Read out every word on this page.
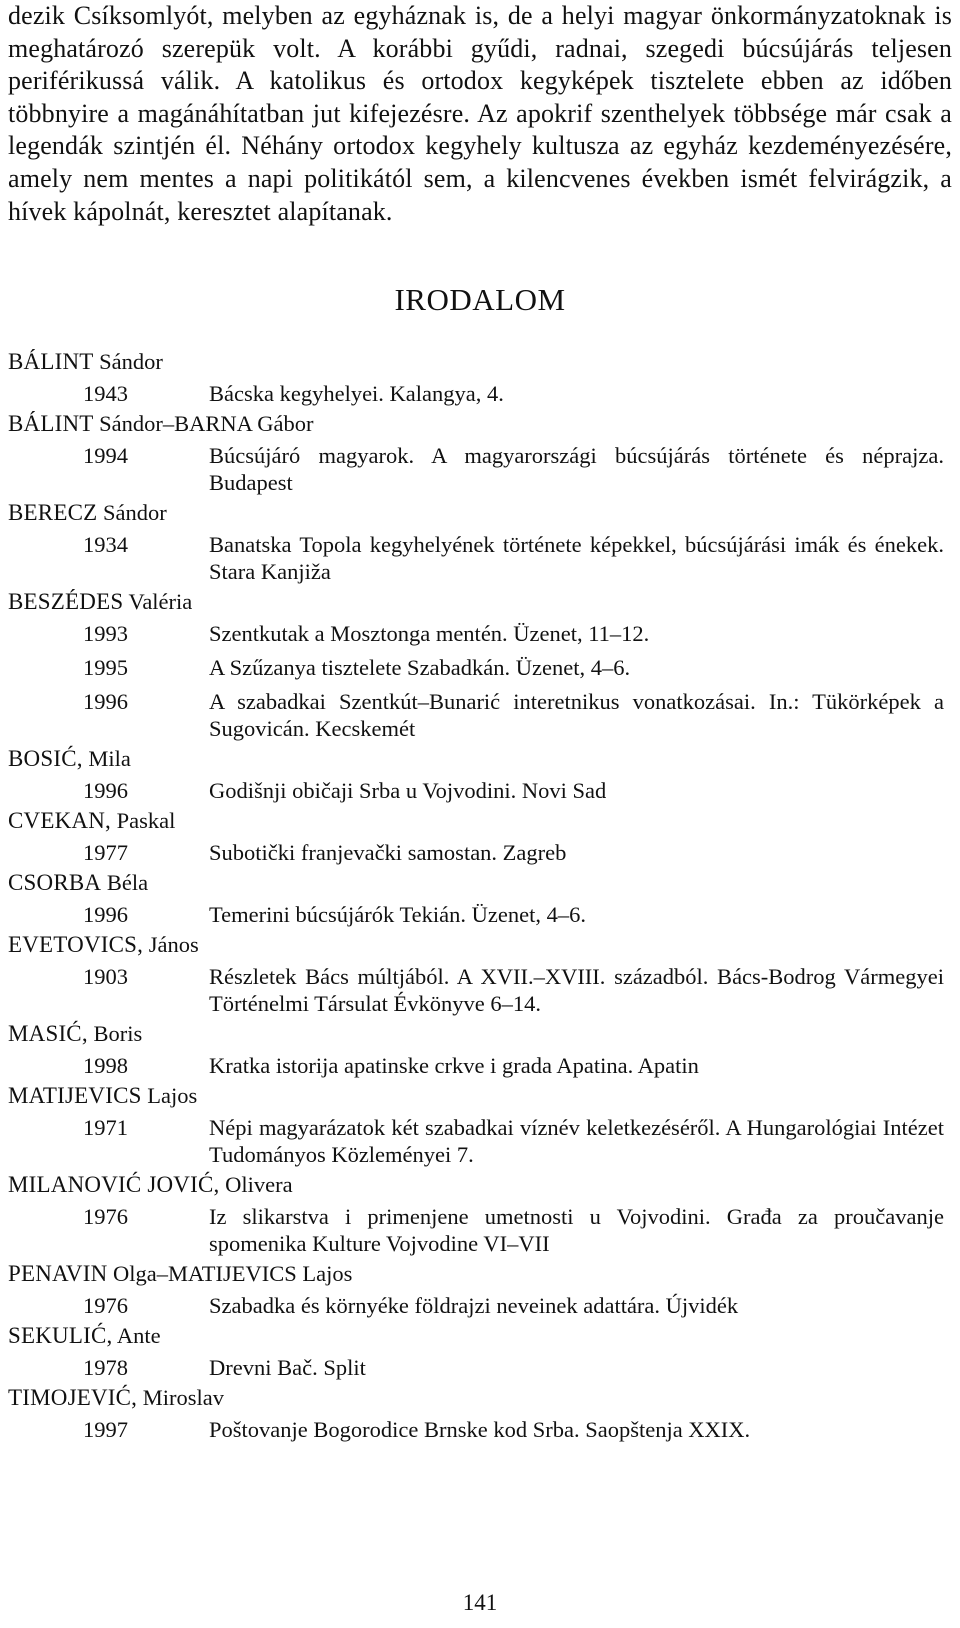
dezik Csíksomlyót, melyben az egyháznak is, de a helyi magyar önkormányzatoknak is meghatározó szerepük volt. A korábbi gyűdi, radnai, szegedi búcsújárás teljesen periférikussá válik. A katolikus és ortodox kegyképek tisztelete ebben az időben többnyire a magánáhítatban jut kifejezésre. Az apokrif szenthelyek többsége már csak a legendák szintjén él. Néhány ortodox kegyhely kultusza az egyház kezdeményezésére, amely nem mentes a napi politikától sem, a kilencvenes években ismét felvirágzik, a hívek kápolnát, keresztet alapítanak.

IRODALOM
BÁLINT Sándor
1943	Bácska kegyhelyei. Kalangya, 4.
BÁLINT Sándor–BARNA Gábor
1994	Búcsújáró magyarok. A magyarországi búcsújárás története és néprajza. Budapest
BERECZ Sándor
1934	Banatska Topola kegyhelyének története képekkel, búcsújárási imák és énekek. Stara Kanjiža
BESZÉDES Valéria
1993	Szentkutak a Mosztonga mentén. Üzenet, 11–12.
1995	A Szűzanya tisztelete Szabadkán. Üzenet, 4–6.
1996	A szabadkai Szentkút–Bunarić interetnikus vonatkozásai. In.: Tükörképek a Sugovicán. Kecskemét
BOSIĆ, Mila
1996	Godišnji običaji Srba u Vojvodini. Novi Sad
CVEKAN, Paskal
1977	Subotički franjevački samostan. Zagreb
CSORBA Béla
1996	Temerini búcsújárók Tekián. Üzenet, 4–6.
EVETOVICS, János
1903	Részletek Bács múltjából. A XVII.–XVIII. századból. Bács-Bodrog Vármegyei Történelmi Társulat Évkönyve 6–14.
MASIĆ, Boris
1998	Kratka istorija apatinske crkve i grada Apatina. Apatin
MATIJEVICS Lajos
1971	Népi magyarázatok két szabadkai víznév keletkezéséről. A Hungarológiai Intézet Tudományos Közleményei 7.
MILANOVIĆ JOVIĆ, Olivera
1976	Iz slikarstva i primenjene umetnosti u Vojvodini. Građa za proučavanje spomenika Kulture Vojvodine VI–VII
PENAVIN Olga–MATIJEVICS Lajos
1976	Szabadka és környéke földrajzi neveinek adattára. Újvidék
SEKULIĆ, Ante
1978	Drevni Bač. Split
TIMOJEVIĆ, Miroslav
1997	Poštovanje Bogorodice Brnske kod Srba. Saopštenja XXIX.

141
